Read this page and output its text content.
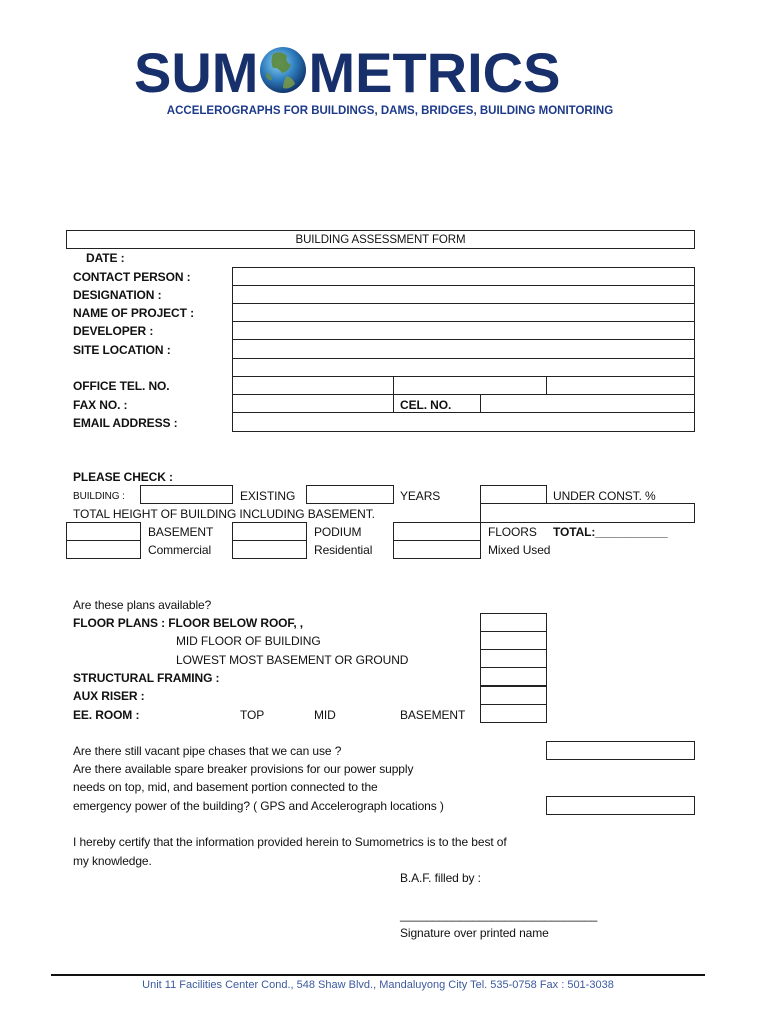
SUM METRICS
ACCELEROGRAPHS FOR BUILDINGS, DAMS, BRIDGES, BUILDING MONITORING
BUILDING ASSESSMENT FORM
DATE :
CONTACT PERSON :
DESIGNATION :
NAME OF PROJECT :
DEVELOPER :
SITE LOCATION :
OFFICE TEL. NO.
FAX NO. :	CEL. NO.
EMAIL ADDRESS :
PLEASE CHECK :
BUILDING :	EXISTING	YEARS	UNDER CONST. %
TOTAL HEIGHT OF BUILDING INCLUDING BASEMENT.
BASEMENT	PODIUM	FLOORS TOTAL:___________
Commercial	Residential	Mixed Used
Are these plans available?
FLOOR PLANS : FLOOR BELOW ROOF, ,
MID FLOOR OF BUILDING
LOWEST MOST BASEMENT OR GROUND
STRUCTURAL FRAMING :
AUX RISER :
EE. ROOM :	TOP	MID	BASEMENT
Are there still vacant pipe chases that we can use ?
Are there available spare breaker provisions for our power supply
needs on top, mid, and basement portion connected to the
emergency power of the building? ( GPS and Accelerograph locations )
I hereby certify that the information provided herein to Sumometrics is to the best of
my knowledge.
B.A.F. filled by :
______________________________
Signature over printed name
Unit 11 Facilities Center Cond., 548 Shaw Blvd., Mandaluyong City Tel. 535-0758 Fax : 501-3038
